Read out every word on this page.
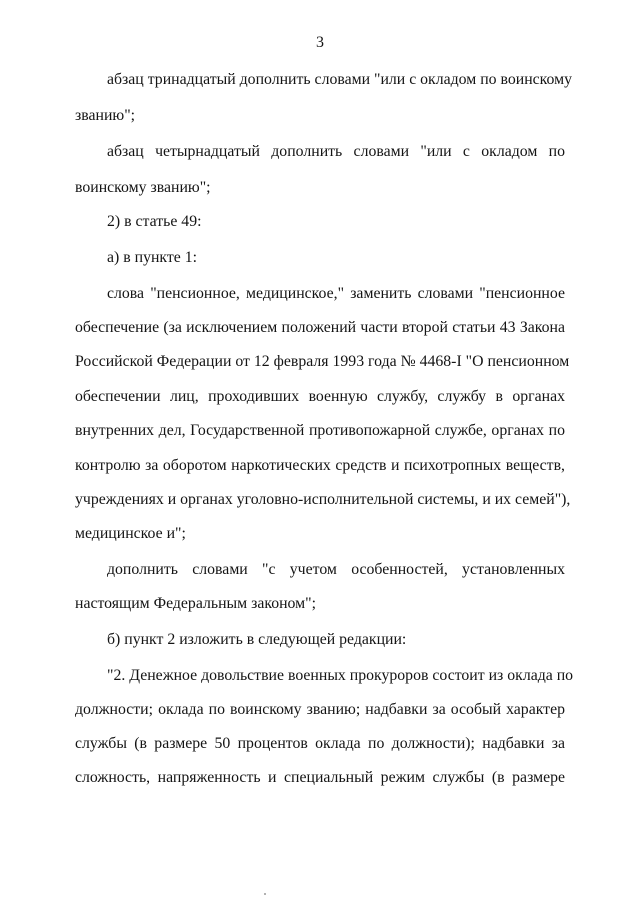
3
абзац тринадцатый дополнить словами "или с окладом по воинскому
званию";
абзац четырнадцатый дополнить словами "или с окладом по
воинскому званию";
2) в статье 49:
а) в пункте 1:
слова "пенсионное, медицинское," заменить словами "пенсионное
обеспечение (за исключением положений части второй статьи 43 Закона
Российской Федерации от 12 февраля 1993 года № 4468-I "О пенсионном
обеспечении лиц, проходивших военную службу, службу в органах
внутренних дел, Государственной противопожарной службе, органах по
контролю за оборотом наркотических средств и психотропных веществ,
учреждениях и органах уголовно-исполнительной системы, и их семей"),
медицинское и";
дополнить словами "с учетом особенностей, установленных
настоящим Федеральным законом";
б) пункт 2 изложить в следующей редакции:
"2. Денежное довольствие военных прокуроров состоит из оклада по
должности; оклада по воинскому званию; надбавки за особый характер
службы (в размере 50 процентов оклада по должности); надбавки за
сложность, напряженность и специальный режим службы (в размере
